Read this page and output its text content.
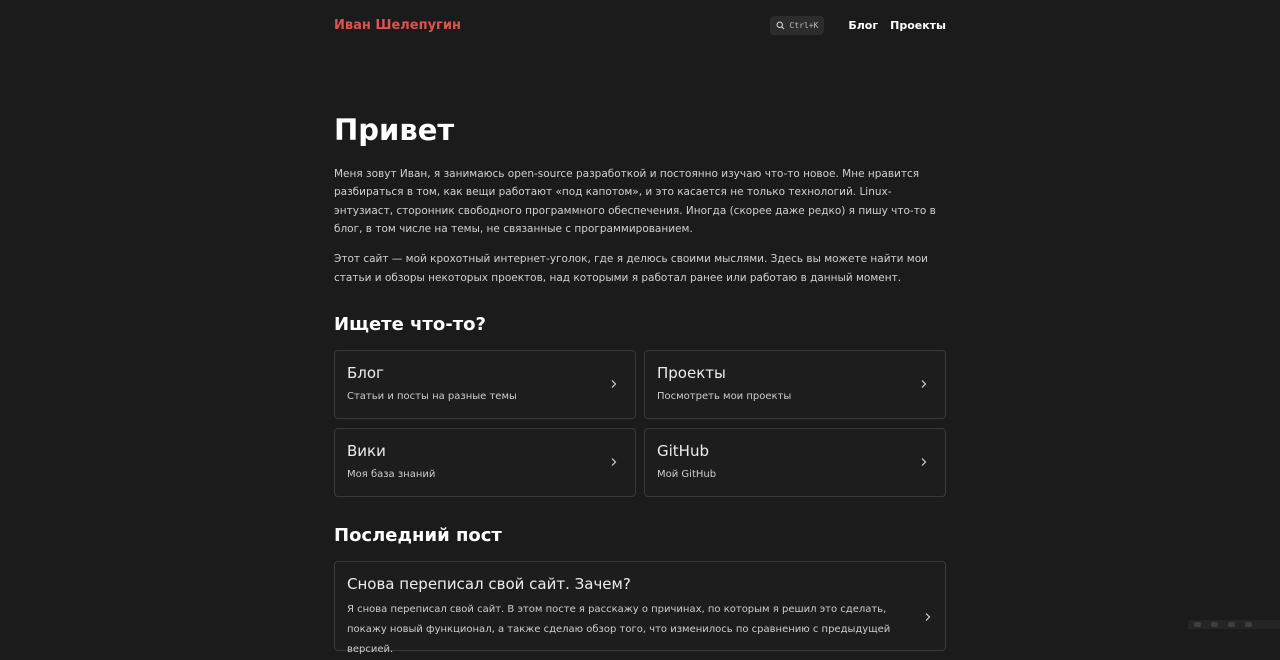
Иван Шелепугин	Ctrl+K	Блог Проекты
Привет

Меня зовут Иван, я занимаюсь open-source разработкой и постоянно изучаю что-то новое. Мне нравится разбираться в том, как вещи работают «под капотом», и это касается не только технологий. Linux-энтузиаст, сторонник свободного программного обеспечения. Иногда (скорее даже редко) я пишу что-то в блог, в том числе на темы, не связанные с программированием.

Этот сайт — мой крохотный интернет-уголок, где я делюсь своими мыслями. Здесь вы можете найти мои статьи и обзоры некоторых проектов, над которыми я работал ранее или работаю в данный момент.

Ищете что-то?
Блог
Статьи и посты на разные темы
Проекты
Посмотреть мои проекты
Вики
Моя база знаний
GitHub
Мой GitHub
Последний пост
Снова переписал свой сайт. Зачем?
Я снова переписал свой сайт. В этом посте я расскажу о причинах, по которым я решил это сделать, покажу новый функционал, а также сделаю обзор того, что изменилось по сравнению с предыдущей версией.
